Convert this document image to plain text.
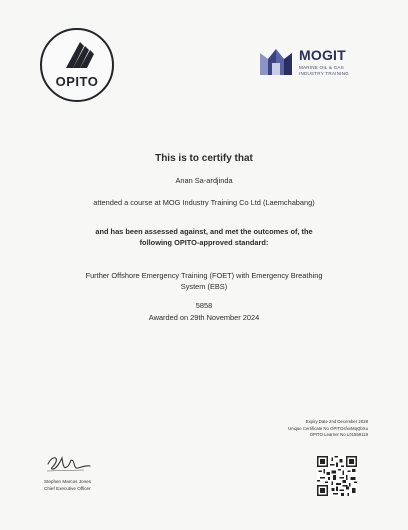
OPITO
MOGIT
MARINE OIL & GAS
INDUSTRY TRAINING
This is to certify that
Anan Sa-ardjinda
attended a course at MOG Industry Training Co Ltd (Laemchabang)
and has been assessed against, and met the outcomes of, the following OPITO-approved standard:
Further Offshore Emergency Training (FOET) with Emergency Breathing System (EBS)
5858
Awarded on 29th November 2024
Expiry Date 2nd December 2028
Unique Certificate No OPITOsfxxMqQbXu
OPITO Learner No L01559119
Stephen Marcos Jones
Chief Executive Officer
